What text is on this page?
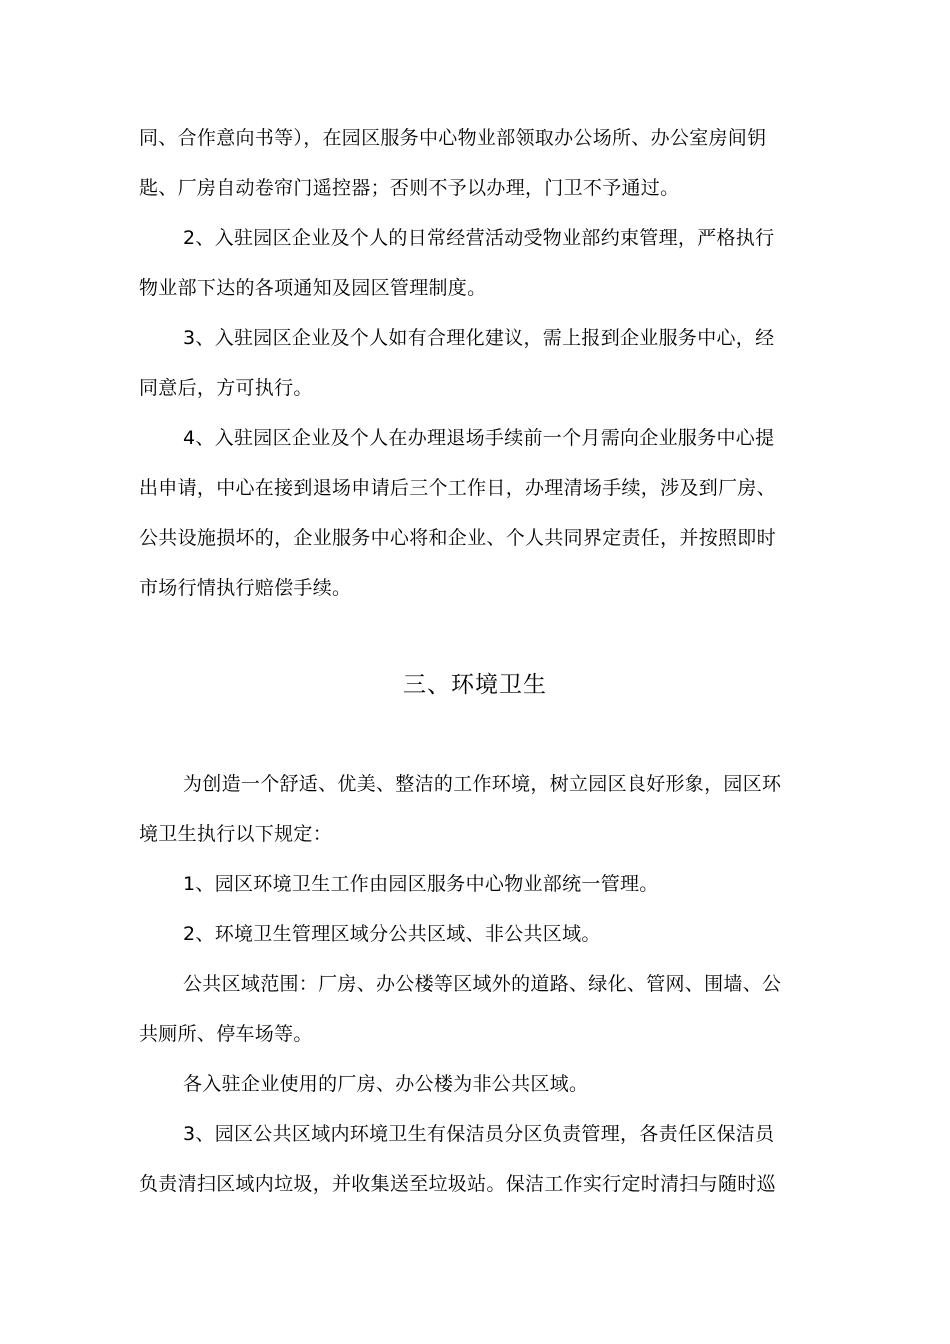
同、合作意向书等），在园区服务中心物业部领取办公场所、办公室房间钥
匙、厂房自动卷帘门遥控器；否则不予以办理，门卫不予通过。
2、入驻园区企业及个人的日常经营活动受物业部约束管理，严格执行
物业部下达的各项通知及园区管理制度。
3、入驻园区企业及个人如有合理化建议，需上报到企业服务中心，经
同意后，方可执行。
4、入驻园区企业及个人在办理退场手续前一个月需向企业服务中心提
出申请，中心在接到退场申请后三个工作日，办理清场手续，涉及到厂房、
公共设施损坏的，企业服务中心将和企业、个人共同界定责任，并按照即时
市场行情执行赔偿手续。
三、环境卫生
为创造一个舒适、优美、整洁的工作环境，树立园区良好形象，园区环
境卫生执行以下规定：
1、园区环境卫生工作由园区服务中心物业部统一管理。
2、环境卫生管理区域分公共区域、非公共区域。
公共区域范围：厂房、办公楼等区域外的道路、绿化、管网、围墙、公
共厕所、停车场等。
各入驻企业使用的厂房、办公楼为非公共区域。
3、园区公共区域内环境卫生有保洁员分区负责管理，各责任区保洁员
负责清扫区域内垃圾，并收集送至垃圾站。保洁工作实行定时清扫与随时巡
